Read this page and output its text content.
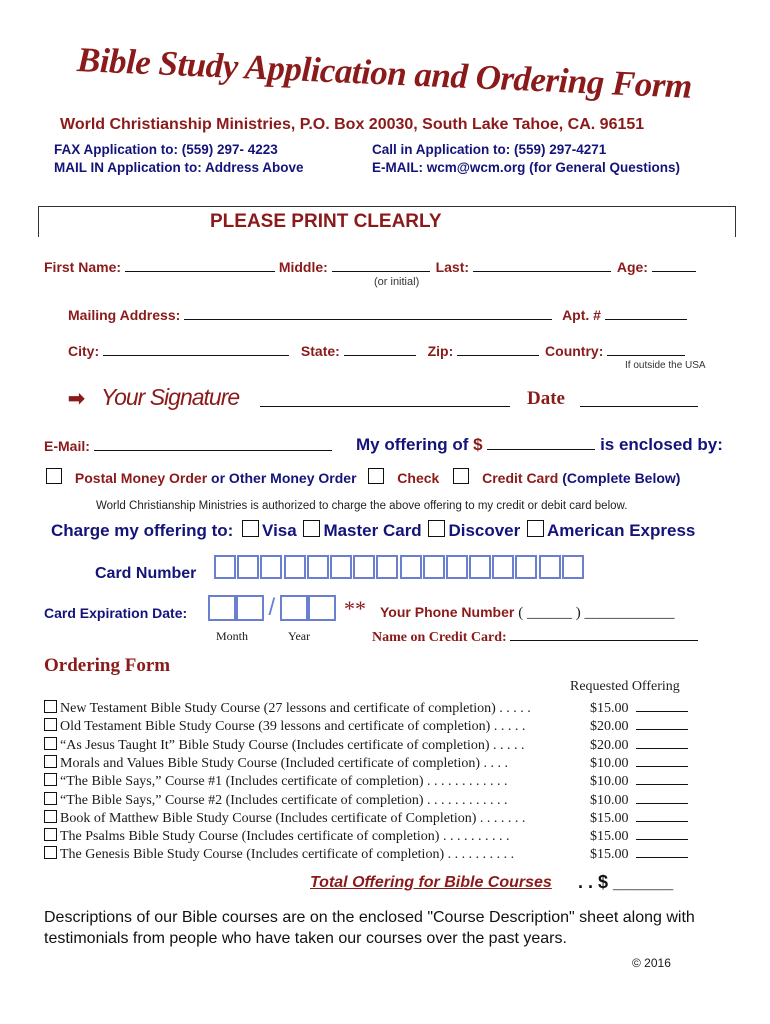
Bible Study Application and Ordering Form
World Christianship Ministries, P.O. Box 20030, South Lake Tahoe, CA. 96151
FAX Application to: (559) 297- 4223
MAIL IN Application to: Address Above
Call in Application to: (559) 297-4271
E-MAIL: wcm@wcm.org (for General Questions)
PLEASE PRINT CLEARLY
First Name:	Middle:	Last:	Age:
(or initial)
Mailing Address:	Apt. #
City:	State:	Zip:	Country:
If outside the USA
➡ Your Signature	Date
E-Mail:	My offering of $	is enclosed by:
Postal Money Order or Other Money Order	Check	Credit Card (Complete Below)
World Christianship Ministries is authorized to charge the above offering to my credit or debit card below.
Charge my offering to: Visa Master Card Discover American Express
Card Number
Card Expiration Date:	/
Month	Year
** Your Phone Number ( ______ ) ____________
Name on Credit Card:
Ordering Form
Requested Offering
New Testament Bible Study Course (27 lessons and certificate of completion) . . . . .	$15.00
Old Testament Bible Study Course (39 lessons and certificate of completion) . . . . .	$20.00
“As Jesus Taught It” Bible Study Course (Includes certificate of completion) . . . . .	$20.00
Morals and Values Bible Study Course (Included certificate of completion) . . . .	$10.00
“The Bible Says,” Course #1 (Includes certificate of completion) . . . . . . . . . . . .	$10.00
“The Bible Says,” Course #2 (Includes certificate of completion) . . . . . . . . . . . .	$10.00
Book of Matthew Bible Study Course (Includes certificate of Completion) . . . . . . .	$15.00
The Psalms Bible Study Course (Includes certificate of completion) . . . . . . . . . .	$15.00
The Genesis Bible Study Course (Includes certificate of completion) . . . . . . . . . .	$15.00
Total Offering for Bible Courses . . $ ______
Descriptions of our Bible courses are on the enclosed "Course Description" sheet along with testimonials from people who have taken our courses over the past years.
© 2016
